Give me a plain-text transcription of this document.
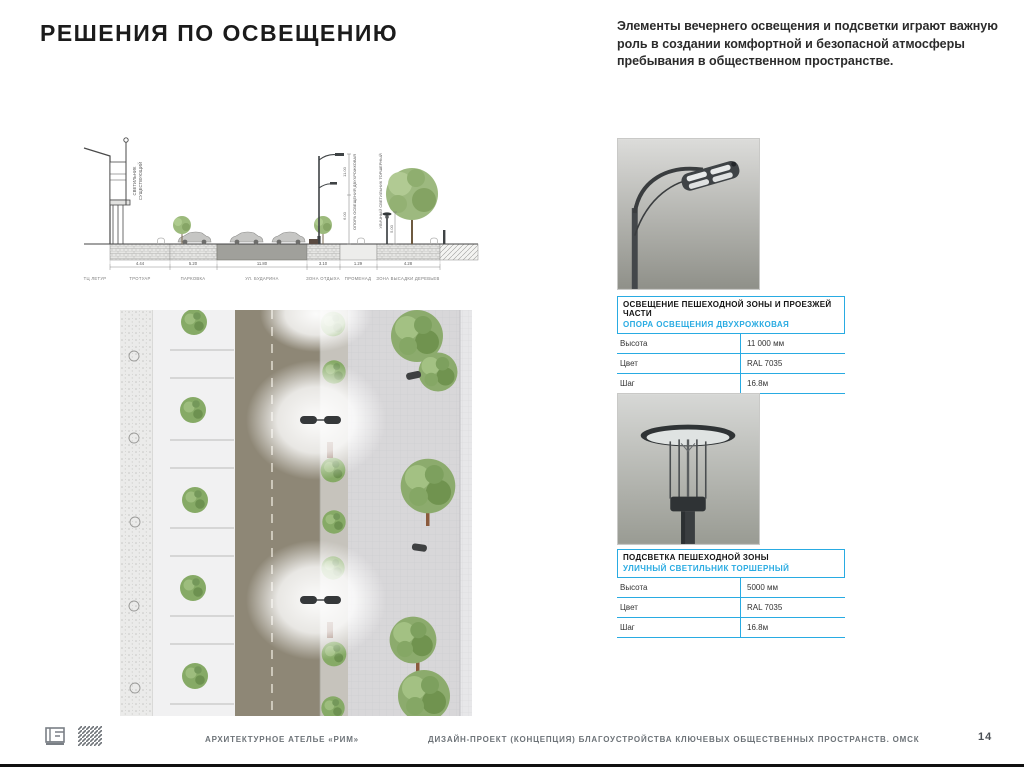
РЕШЕНИЯ ПО ОСВЕЩЕНИЮ	Элементы вечернего освещения и подсветки играют важную роль в создании комфортной и безопасной атмосферы пребывания в общественном пространстве.
СВЕТИЛЬНИК СУЩЕСТВУЮЩИЙ	11.00
6.00 ОПОРА ОСВЕЩЕНИЯ ДВУХРОЖКОВАЯ	5.00
УЛИЧНЫЙ СВЕТИЛЬНИК ТОРШЕРНЫЙ
4.44	5.20	11.80	3.10	1.29	4.28
ТЦ ЛЕТУР	ТРОТУАР	ПАРКОВКА	УЛ. БУДАРИНА	ЗОНА ОТДЫХА ПРОМЕНАД ЗОНА ВЫСАДКИ ДЕРЕВЬЕВ
ОСВЕЩЕНИЕ ПЕШЕХОДНОЙ ЗОНЫ И ПРОЕЗЖЕЙ ЧАСТИ
ОПОРА ОСВЕЩЕНИЯ ДВУХРОЖКОВАЯ
Высота	11 000 мм
Цвет	RAL 7035
Шаг	16.8м
ПОДСВЕТКА ПЕШЕХОДНОЙ ЗОНЫ
УЛИЧНЫЙ СВЕТИЛЬНИК ТОРШЕРНЫЙ
Высота	5000 мм
Цвет	RAL 7035
Шаг	16.8м
АРХИТЕКТУРНОЕ АТЕЛЬЕ «РИМ»	ДИЗАЙН-ПРОЕКТ (КОНЦЕПЦИЯ) БЛАГОУСТРОЙСТВА КЛЮЧЕВЫХ ОБЩЕСТВЕННЫХ ПРОСТРАНСТВ. ОМСК	14
